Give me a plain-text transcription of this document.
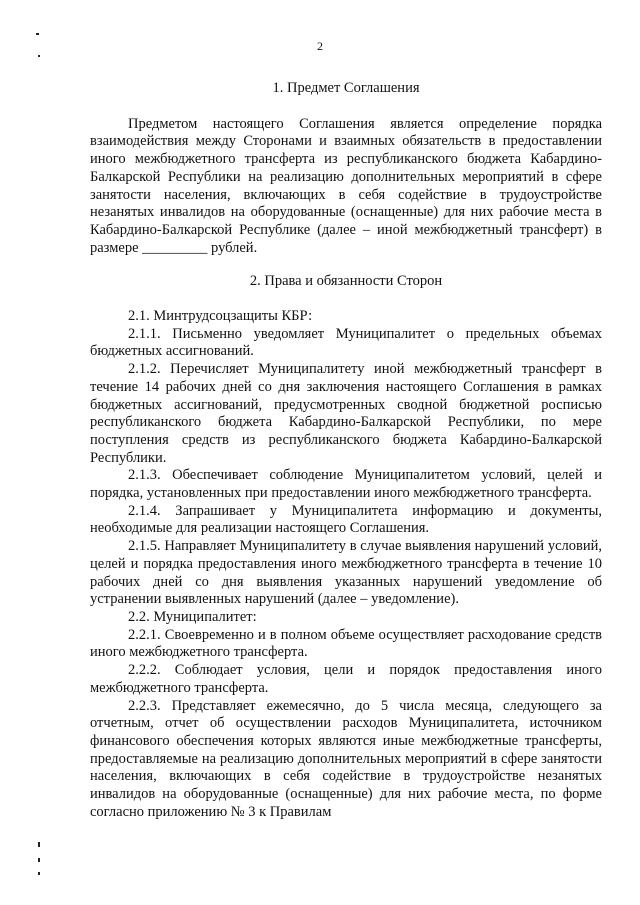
2

1. Предмет Соглашения

Предметом настоящего Соглашения является определение порядка взаимодействия между Сторонами и взаимных обязательств в предоставлении иного межбюджетного трансферта из республиканского бюджета Кабардино-Балкарской Республики на реализацию дополнительных мероприятий в сфере занятости населения, включающих в себя содействие в трудоустройстве незанятых инвалидов на оборудованные (оснащенные) для них рабочие места в Кабардино-Балкарской Республике (далее – иной межбюджетный трансферт) в размере _________ рублей.

2. Права и обязанности Сторон

2.1. Минтрудсоцзащиты КБР:

2.1.1. Письменно уведомляет Муниципалитет о предельных объемах бюджетных ассигнований.

2.1.2. Перечисляет Муниципалитету иной межбюджетный трансферт в течение 14 рабочих дней со дня заключения настоящего Соглашения в рамках бюджетных ассигнований, предусмотренных сводной бюджетной росписью республиканского бюджета Кабардино-Балкарской Республики, по мере поступления средств из республиканского бюджета Кабардино-Балкарской Республики.

2.1.3. Обеспечивает соблюдение Муниципалитетом условий, целей и порядка, установленных при предоставлении иного межбюджетного трансферта.

2.1.4. Запрашивает у Муниципалитета информацию и документы, необходимые для реализации настоящего Соглашения.

2.1.5. Направляет Муниципалитету в случае выявления нарушений условий, целей и порядка предоставления иного межбюджетного трансферта в течение 10 рабочих дней со дня выявления указанных нарушений уведомление об устранении выявленных нарушений (далее – уведомление).

2.2. Муниципалитет:

2.2.1. Своевременно и в полном объеме осуществляет расходование средств иного межбюджетного трансферта.

2.2.2. Соблюдает условия, цели и порядок предоставления иного межбюджетного трансферта.

2.2.3. Представляет ежемесячно, до 5 числа месяца, следующего за отчетным, отчет об осуществлении расходов Муниципалитета, источником финансового обеспечения которых являются иные межбюджетные трансферты, предоставляемые на реализацию дополнительных мероприятий в сфере занятости населения, включающих в себя содействие в трудоустройстве незанятых инвалидов на оборудованные (оснащенные) для них рабочие места, по форме согласно приложению № 3 к Правилам
